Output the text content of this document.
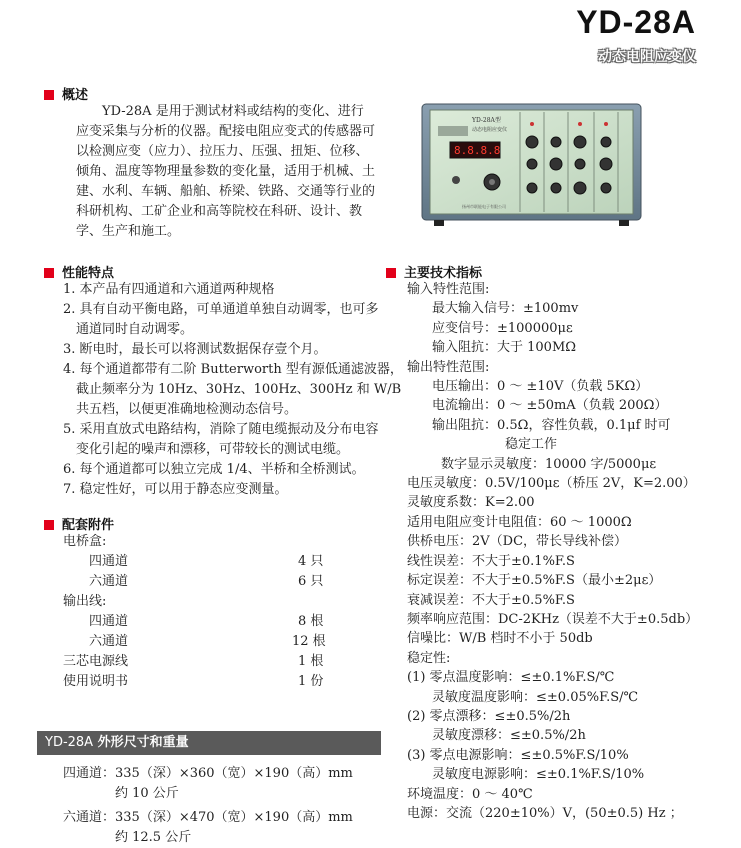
YD-28A
动态电阻应变仪
概述
YD-28A 是用于测试材料或结构的变化、进行应变采集与分析的仪器。配接电阻应变式的传感器可以检测应变（应力）、拉压力、压强、扭矩、位移、倾角、温度等物理量参数的变化量，适用于机械、土建、水利、车辆、船舶、桥梁、铁路、交通等行业的科研机构、工矿企业和高等院校在科研、设计、教学、生产和施工。
YD-28A型
动态电阻应变仪
8.8.8.8
扬州市联能电子有限公司
性能特点
1. 本产品有四通道和六通道两种规格
2. 具有自动平衡电路，可单通道单独自动调零，也可多
通道同时自动调零。
3. 断电时，最长可以将测试数据保存壹个月。
4. 每个通道都带有二阶 Butterworth 型有源低通滤波器，
截止频率分为 10Hz、30Hz、100Hz、300Hz 和 W/B
共五档，以便更准确地检测动态信号。
5. 采用直放式电路结构，消除了随电缆振动及分布电容
变化引起的噪声和漂移，可带较长的测试电缆。
6. 每个通道都可以独立完成 1/4、半桥和全桥测试。
7. 稳定性好，可以用于静态应变测量。
配套附件
电桥盒:
四通道	4 只
六通道	6 只
输出线:
四通道	8 根
六通道	12 根
三芯电源线	1 根
使用说明书	1 份
YD-28A 外形尺寸和重量
四通道：335（深）×360（宽）×190（高）mm
约 10 公斤
六通道：335（深）×470（宽）×190（高）mm
约 12.5 公斤
主要技术指标
输入特性范围:
最大输入信号：±100mv
应变信号：±100000με
输入阻抗：大于 100MΩ
输出特性范围:
电压输出：0 ～ ±10V（负载 5KΩ）
电流输出：0 ～ ±50mA（负载 200Ω）
输出阻抗：0.5Ω，容性负载，0.1μf 时可
稳定工作
数字显示灵敏度：10000 字/5000με
电压灵敏度：0.5V/100με（桥压 2V，K=2.00）
灵敏度系数：K=2.00
适用电阻应变计电阻值：60 ～ 1000Ω
供桥电压：2V（DC，带长导线补偿）
线性误差：不大于±0.1%F.S
标定误差：不大于±0.5%F.S（最小±2με）
衰减误差：不大于±0.5%F.S
频率响应范围：DC-2KHz（误差不大于±0.5db）
信噪比：W/B 档时不小于 50db
稳定性:
(1) 零点温度影响：≤±0.1%F.S/℃
灵敏度温度影响：≤±0.05%F.S/℃
(2) 零点漂移：≤±0.5%/2h
灵敏度漂移：≤±0.5%/2h
(3) 零点电源影响：≤±0.5%F.S/10%
灵敏度电源影响：≤±0.1%F.S/10%
环境温度：0 ～ 40℃
电源：交流（220±10%）V，(50±0.5) Hz ；
